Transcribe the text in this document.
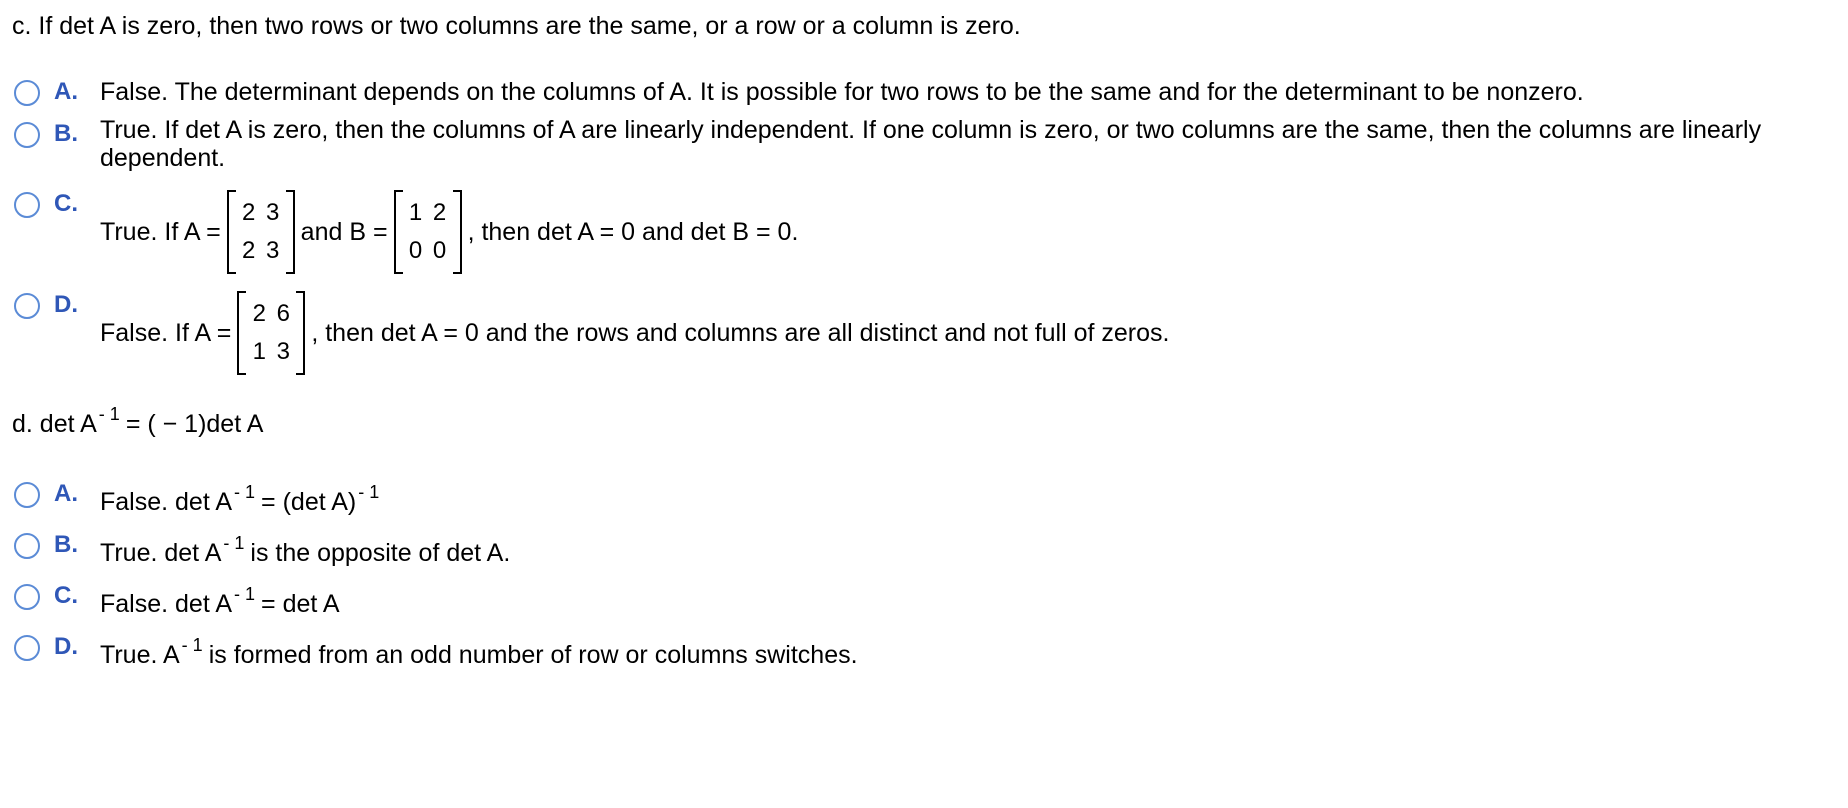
c. If det A is zero, then two rows or two columns are the same, or a row or a column is zero.
A. False. The determinant depends on the columns of A. It is possible for two rows to be the same and for the determinant to be nonzero.
B. True. If det A is zero, then the columns of A are linearly independent. If one column is zero, or two columns are the same, then the columns are linearly dependent.
C.
True. If A =
2 3
2 3
and B =
1 2
0 0
, then det A = 0 and det B = 0.
D.
False. If A =
2 6
1 3
, then det A = 0 and the rows and columns are all distinct and not full of zeros.
d. det A $^{- 1}$ = ( − 1)det A
A. False. det A $^{- 1}$ = (det A) $^{- 1}$
B. True. det A $^{- 1}$ is the opposite of det A.
C. False. det A $^{- 1}$ = det A
D. True. A $^{- 1}$ is formed from an odd number of row or columns switches.
